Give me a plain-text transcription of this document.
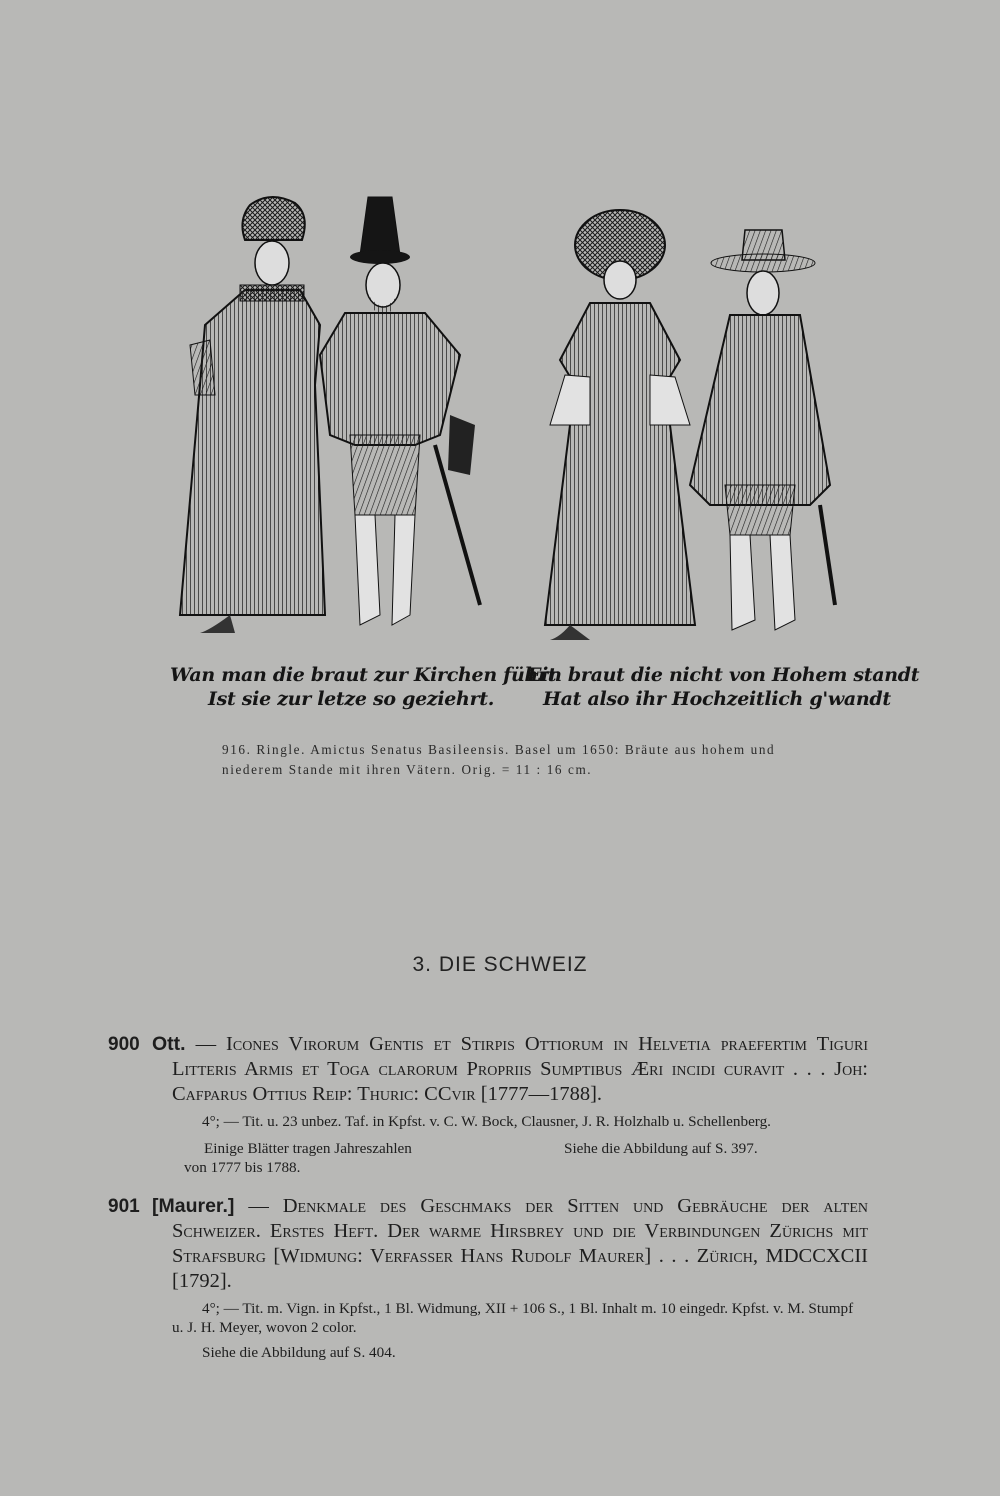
Wan man die braut zur Kirchen führt
Ist sie zur letze so geziehrt.
Ein braut die nicht von Hohem standt
Hat also ihr Hochzeitlich g'wandt
916. Ringle. Amictus Senatus Basileensis. Basel um 1650: Bräute aus hohem und niederem Stande mit ihren Vätern. Orig. = 11 : 16 cm.
3. DIE SCHWEIZ
900 Ott. — Icones Virorum Gentis et Stirpis Ottiorum in Helvetia praefertim Tiguri Litteris Armis et Toga clarorum Propriis Sumptibus Æri incidi curavit . . . Joh: Cafparus Ottius Reip: Thuric: CCvir [1777—1788].
4°; — Tit. u. 23 unbez. Taf. in Kpfst. v. C. W. Bock, Clausner, J. R. Holzhalb u. Schellenberg.
Einige Blätter tragen Jahreszahlen
von 1777 bis 1788.
Siehe die Abbildung auf S. 397.
901 [Maurer.] — Denkmale des Geschmaks der Sitten und Gebräuche der alten Schweizer. Erstes Heft. Der warme Hirsbrey und die Verbindungen Zürichs mit Strafsburg [Widmung: Verfasser Hans Rudolf Maurer] . . . Zürich, MDCCXCII [1792].
4°; — Tit. m. Vign. in Kpfst., 1 Bl. Widmung, XII + 106 S., 1 Bl. Inhalt m. 10 eingedr. Kpfst. v. M. Stumpf u. J. H. Meyer, wovon 2 color.
Siehe die Abbildung auf S. 404.
